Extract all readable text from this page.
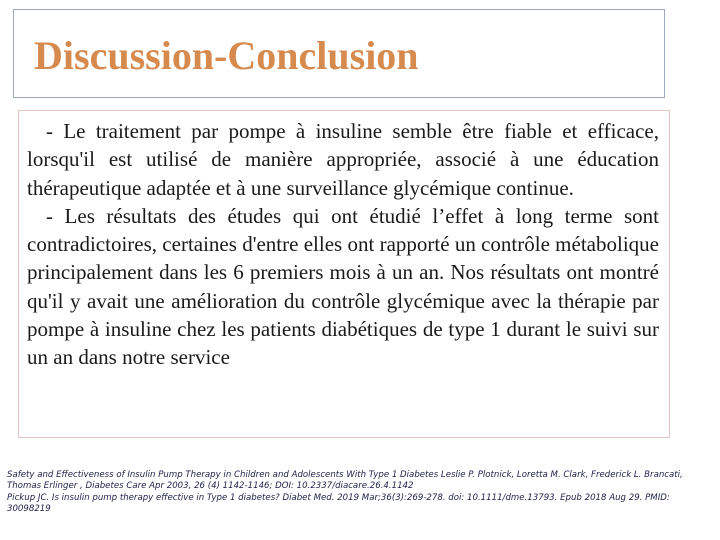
Discussion-Conclusion

- Le traitement par pompe à insuline semble être fiable et efficace, lorsqu'il est utilisé de manière appropriée, associé à une éducation thérapeutique adaptée et à une surveillance glycémique continue.

- Les résultats des études qui ont étudié l’effet à long terme sont contradictoires, certaines d'entre elles ont rapporté un contrôle métabolique principalement dans les 6 premiers mois à un an. Nos résultats ont montré qu'il y avait une amélioration du contrôle glycémique avec la thérapie par pompe à insuline chez les patients diabétiques de type 1 durant le suivi sur un an dans notre service

Safety and Effectiveness of Insulin Pump Therapy in Children and Adolescents With Type 1 Diabetes Leslie P. Plotnick, Loretta M. Clark, Frederick L. Brancati, Thomas Erlinger , Diabetes Care Apr 2003, 26 (4) 1142-1146; DOI: 10.2337/diacare.26.4.1142
Pickup JC. Is insulin pump therapy effective in Type 1 diabetes? Diabet Med. 2019 Mar;36(3):269-278. doi: 10.1111/dme.13793. Epub 2018 Aug 29. PMID: 30098219
